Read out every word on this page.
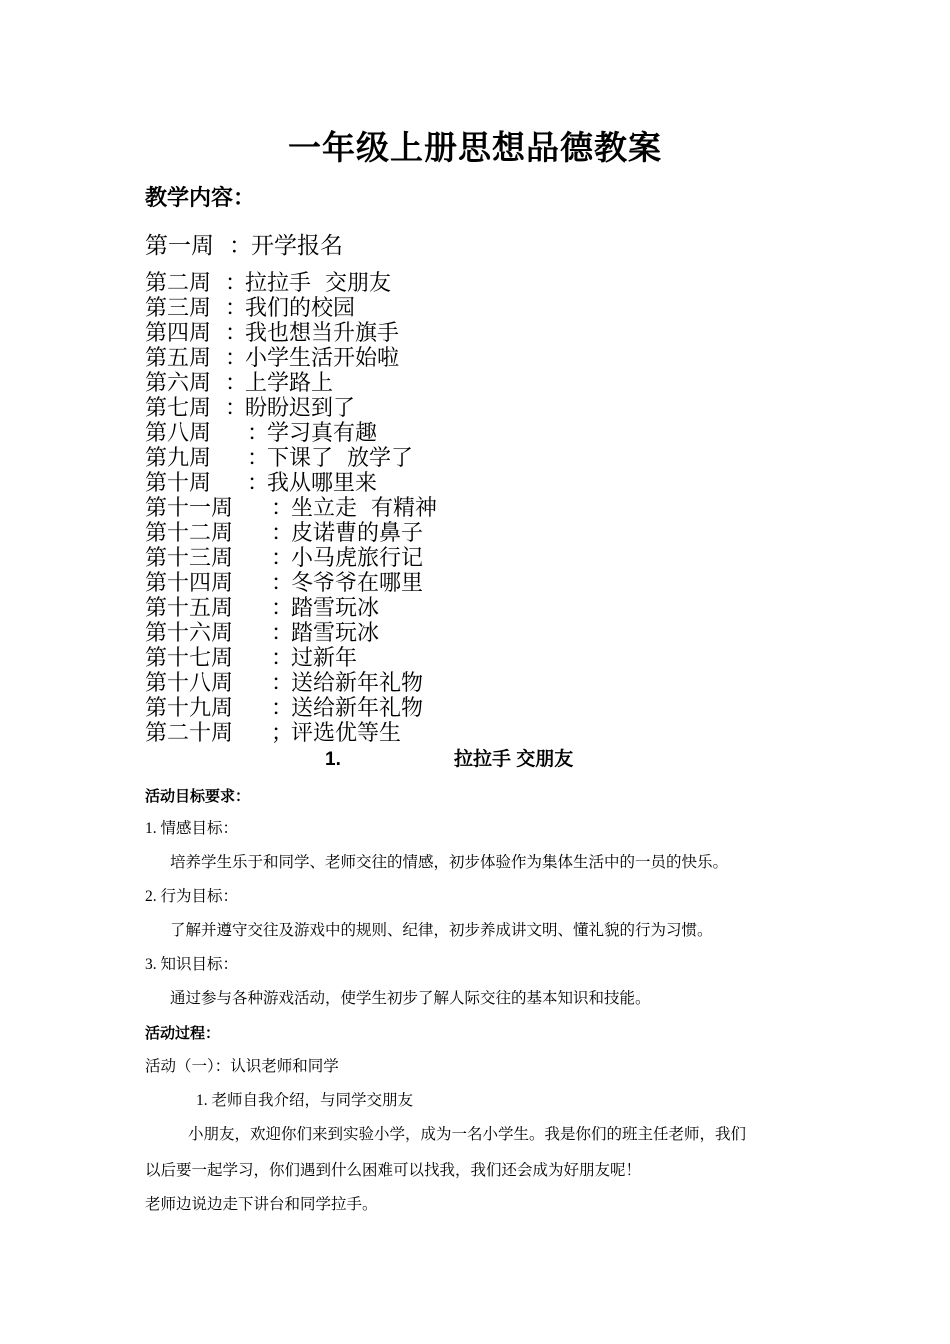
一年级上册思想品德教案
教学内容：
第一周 ：开学报名
第二周 ：拉拉手  交朋友
第三周 ：我们的校园
第四周 ：我也想当升旗手
第五周 ：小学生活开始啦
第六周 ：上学路上
第七周 ：盼盼迟到了
第八周 ：学习真有趣
第九周 ：下课了  放学了
第十周 ：我从哪里来
第十一周 ：坐立走  有精神
第十二周 ：皮诺曹的鼻子
第十三周 ：小马虎旅行记
第十四周 ：冬爷爷在哪里
第十五周 ：踏雪玩冰
第十六周 ：踏雪玩冰
第十七周 ：过新年
第十八周 ：送给新年礼物
第十九周 ：送给新年礼物
第二十周 ；评选优等生
1.	拉拉手 交朋友
活动目标要求：
1. 情感目标：
培养学生乐于和同学、老师交往的情感，初步体验作为集体生活中的一员的快乐。
2. 行为目标：
了解并遵守交往及游戏中的规则、纪律，初步养成讲文明、懂礼貌的行为习惯。
3. 知识目标：
通过参与各种游戏活动，使学生初步了解人际交往的基本知识和技能。
活动过程：
活动（一）：认识老师和同学
1. 老师自我介绍，与同学交朋友
小朋友，欢迎你们来到实验小学，成为一名小学生。我是你们的班主任老师，我们
以后要一起学习，你们遇到什么困难可以找我，我们还会成为好朋友呢！
老师边说边走下讲台和同学拉手。
